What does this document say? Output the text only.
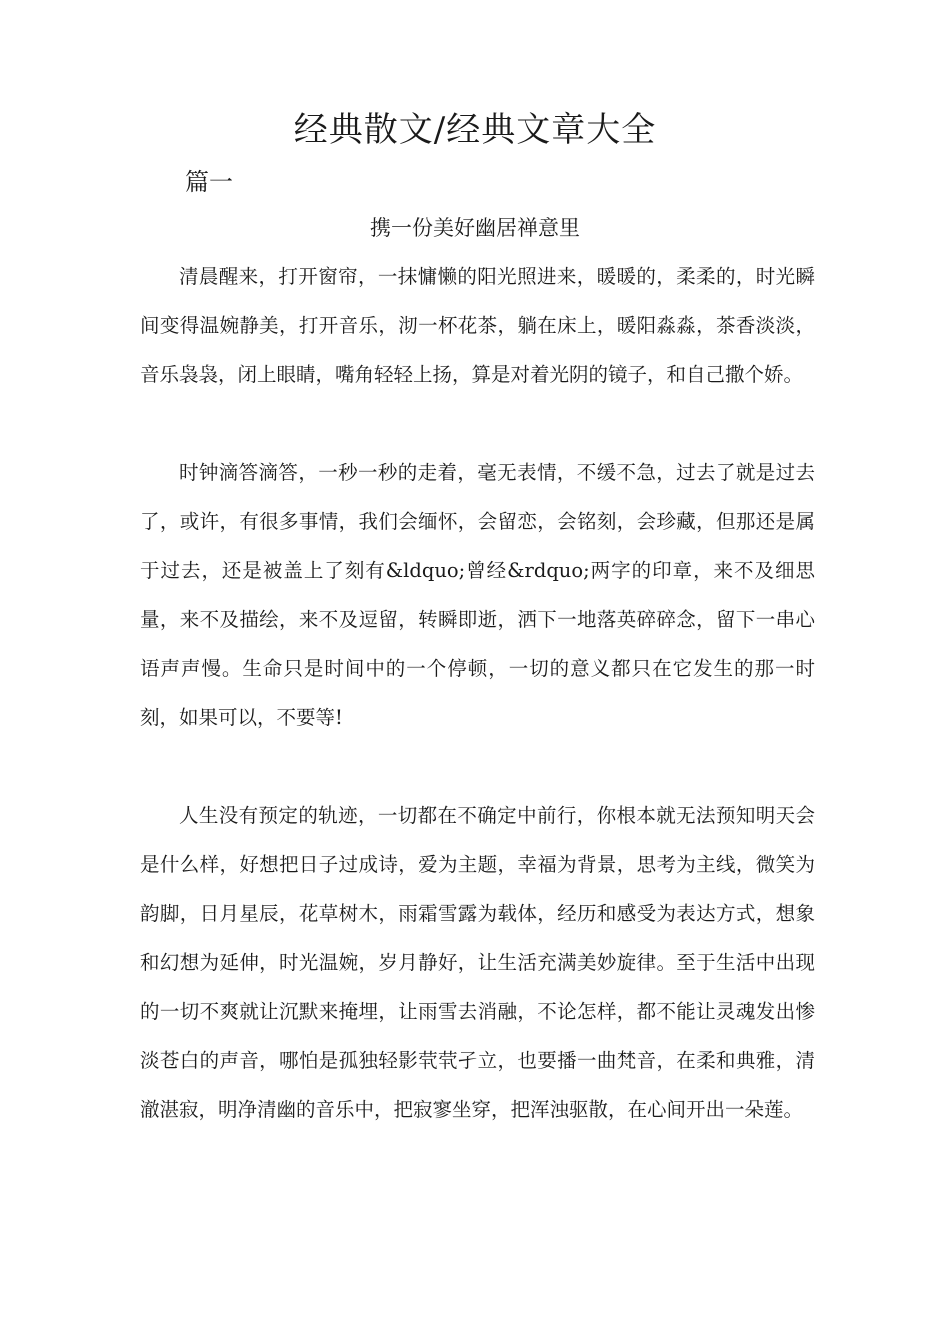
经典散文/经典文章大全
篇一
携一份美好幽居禅意里

清晨醒来，打开窗帘，一抹慵懒的阳光照进来，暖暖的，柔柔的，时光瞬间变得温婉静美，打开音乐，沏一杯花茶，躺在床上，暖阳淼淼，茶香淡淡，音乐袅袅，闭上眼睛，嘴角轻轻上扬，算是对着光阴的镜子，和自己撒个娇。

时钟滴答滴答，一秒一秒的走着，毫无表情，不缓不急，过去了就是过去了，或许，有很多事情，我们会缅怀，会留恋，会铭刻，会珍藏，但那还是属于过去，还是被盖上了刻有&ldquo;曾经&rdquo;两字的印章，来不及细思量，来不及描绘，来不及逗留，转瞬即逝，洒下一地落英碎碎念，留下一串心语声声慢。生命只是时间中的一个停顿，一切的意义都只在它发生的那一时刻，如果可以，不要等!

人生没有预定的轨迹，一切都在不确定中前行，你根本就无法预知明天会是什么样，好想把日子过成诗，爱为主题，幸福为背景，思考为主线，微笑为韵脚，日月星辰，花草树木，雨霜雪露为载体，经历和感受为表达方式，想象和幻想为延伸，时光温婉，岁月静好，让生活充满美妙旋律。至于生活中出现的一切不爽就让沉默来掩埋，让雨雪去消融，不论怎样，都不能让灵魂发出惨淡苍白的声音，哪怕是孤独轻影茕茕孑立，也要播一曲梵音，在柔和典雅，清澈湛寂，明净清幽的音乐中，把寂寥坐穿，把浑浊驱散，在心间开出一朵莲。
